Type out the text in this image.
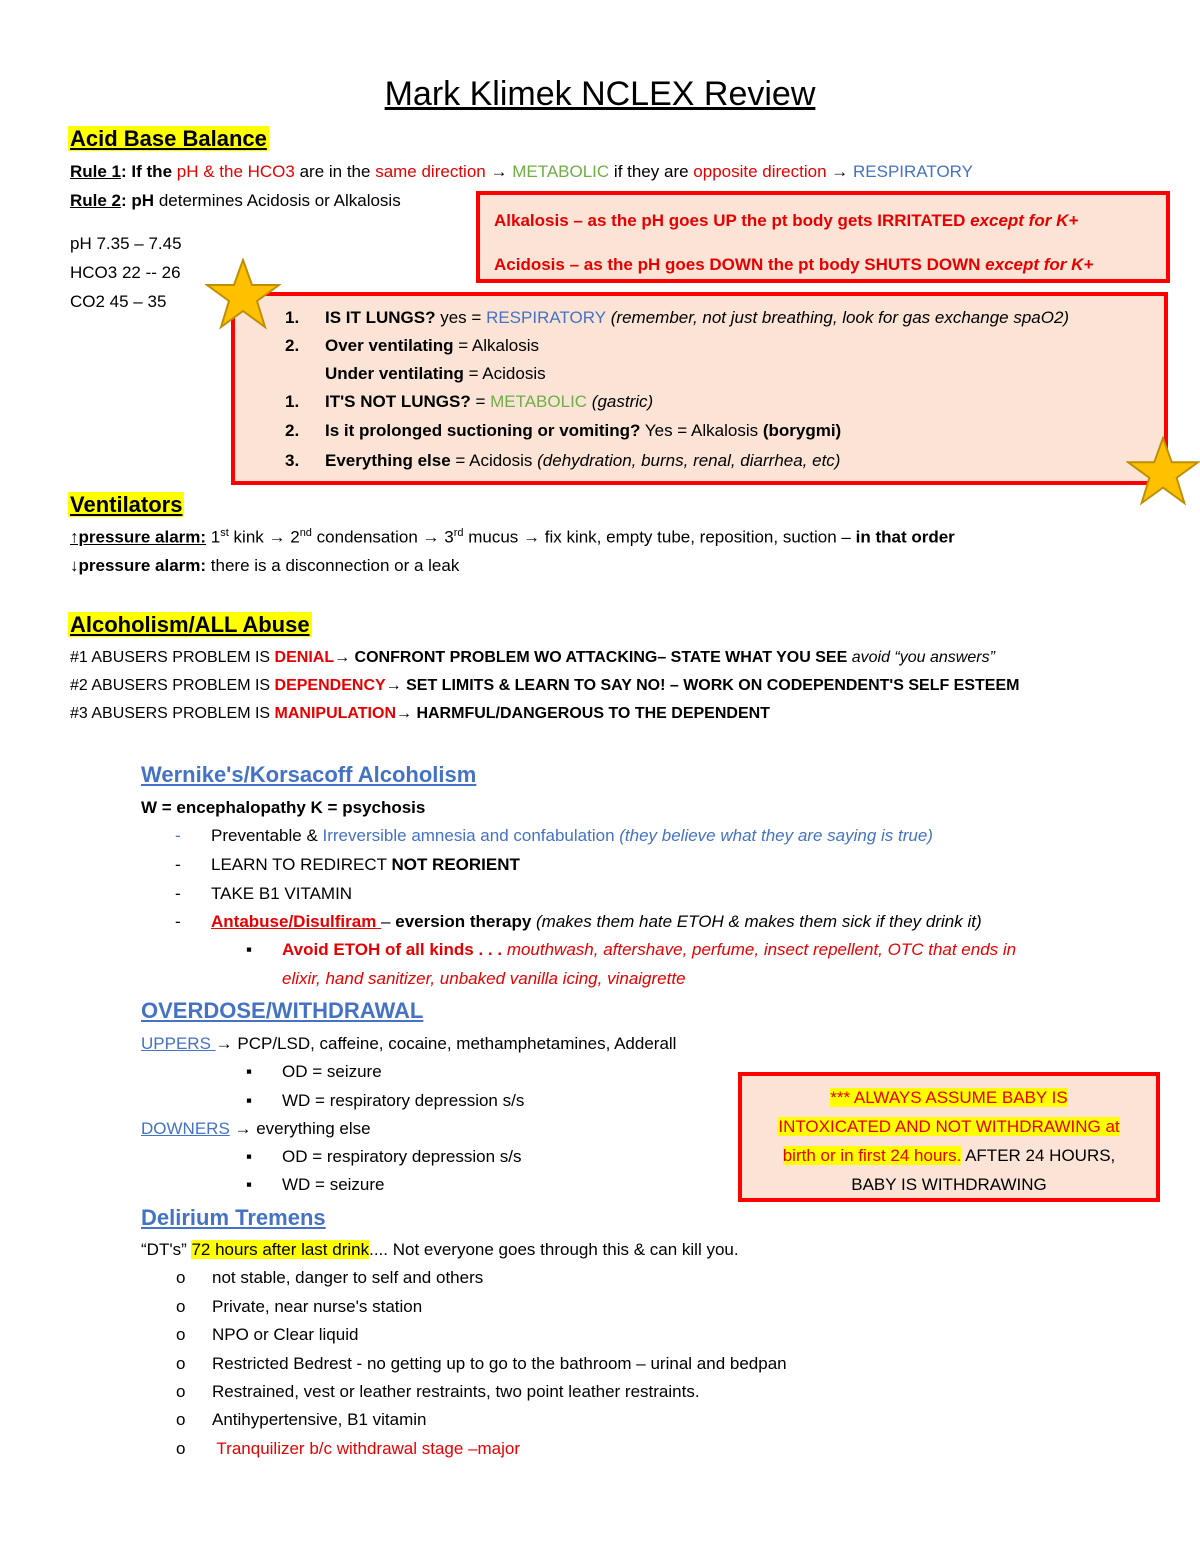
Mark Klimek NCLEX Review
Acid Base Balance
Rule 1: If the pH & the HCO3 are in the same direction → METABOLIC if they are opposite direction → RESPIRATORY
Rule 2: pH determines Acidosis or Alkalosis
pH 7.35 – 7.45
HCO3 22 -- 26
CO2 45 – 35
Alkalosis – as the pH goes UP the pt body gets IRRITATED except for K+
Acidosis – as the pH goes DOWN the pt body SHUTS DOWN except for K+
1. IS IT LUNGS? yes = RESPIRATORY (remember, not just breathing, look for gas exchange spaO2)
2. Over ventilating = Alkalosis
Under ventilating = Acidosis
1. IT'S NOT LUNGS? = METABOLIC (gastric)
2. Is it prolonged suctioning or vomiting? Yes = Alkalosis (borygmi)
3. Everything else = Acidosis (dehydration, burns, renal, diarrhea, etc)
Ventilators
↑pressure alarm: 1st kink → 2nd condensation → 3rd mucus → fix kink, empty tube, reposition, suction – in that order
↓pressure alarm: there is a disconnection or a leak
Alcoholism/ALL Abuse
#1 ABUSERS PROBLEM IS DENIAL→ CONFRONT PROBLEM WO ATTACKING– STATE WHAT YOU SEE avoid “you answers”
#2 ABUSERS PROBLEM IS DEPENDENCY→ SET LIMITS & LEARN TO SAY NO! – WORK ON CODEPENDENT'S SELF ESTEEM
#3 ABUSERS PROBLEM IS MANIPULATION→ HARMFUL/DANGEROUS TO THE DEPENDENT
Wernike's/Korsacoff Alcoholism
W = encephalopathy K = psychosis
- Preventable & Irreversible amnesia and confabulation (they believe what they are saying is true)
- LEARN TO REDIRECT NOT REORIENT
- TAKE B1 VITAMIN
- Antabuse/Disulfiram – eversion therapy (makes them hate ETOH & makes them sick if they drink it)
▪ Avoid ETOH of all kinds . . . mouthwash, aftershave, perfume, insect repellent, OTC that ends in
elixir, hand sanitizer, unbaked vanilla icing, vinaigrette
OVERDOSE/WITHDRAWAL
UPPERS → PCP/LSD, caffeine, cocaine, methamphetamines, Adderall
▪ OD = seizure
▪ WD = respiratory depression s/s
DOWNERS → everything else
▪ OD = respiratory depression s/s
▪ WD = seizure
*** ALWAYS ASSUME BABY IS
INTOXICATED AND NOT WITHDRAWING at
birth or in first 24 hours. AFTER 24 HOURS,
BABY IS WITHDRAWING
Delirium Tremens
“DT's” 72 hours after last drink.... Not everyone goes through this & can kill you.
o not stable, danger to self and others
o Private, near nurse's station
o NPO or Clear liquid
o Restricted Bedrest - no getting up to go to the bathroom – urinal and bedpan
o Restrained, vest or leather restraints, two point leather restraints.
o Antihypertensive, B1 vitamin
o Tranquilizer b/c withdrawal stage –major
